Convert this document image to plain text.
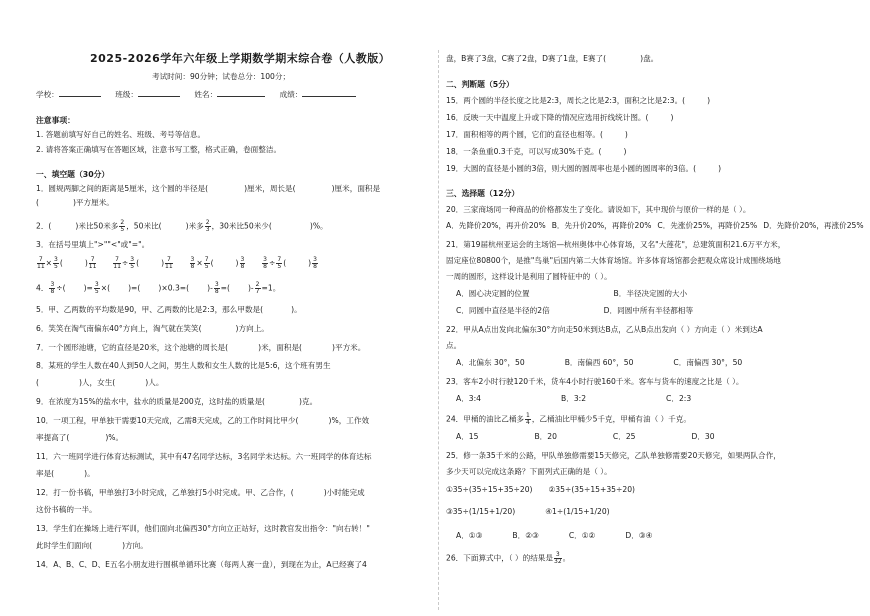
2025-2026学年六年级上学期数学期末综合卷（人教版）
考试时间：90分钟；试卷总分：100分；
学校：	班级：	姓名：	成绩：
注意事项：
1. 答题前填写好自己的姓名、班级、考号等信息。
2. 请将答案正确填写在答题区域，注意书写工整，格式正确，卷面整洁。
一、填空题（30分）
1．圆规两脚之间的距离是5厘米，这个圆的半径是(	)厘米，周长是(	)厘米，面积是
(	)平方厘米。
2．(	)米比50米多 $\frac{2}{5}$ ，50米比(	)米多 $\frac{2}{3}$ ，30米比50米少(	)%。
3．在括号里填上">""<"或"="。
$\frac{7}{11} \times \frac{3}{5}$ (	) $\frac{7}{11}$
	$\frac{7}{11} \div \frac{3}{5}$ (	) $\frac{7}{11}$
	$\frac{3}{8} \times \frac{7}{5}$ (	) $\frac{3}{8}$
	$\frac{3}{8} \div \frac{7}{5}$ (	) $\frac{3}{8}$
4． $\frac{3}{8}$ ÷( )= $\frac{3}{5}$ ×( )=( )×0.3=( )- $\frac{3}{8}$ =( )- $\frac{2}{7} =1$。
5．甲、乙两数的平均数是90，甲、乙两数的比是2:3，那么甲数是(	)。
6．笑笑在淘气南偏东40°方向上，淘气就在笑笑(	)方向上。
7．一个圆形池塘，它的直径是20米，这个池塘的周长是(	)米，面积是(	)平方米。
8．某班的学生人数在40人到50人之间，男生人数和女生人数的比是5:6，这个班有男生
(	)人，女生(	)人。
9．在浓度为15%的盐水中，盐水的质量是200克，这时盐的质量是(	)克。
10．一项工程，甲单独干需要10天完成，乙需8天完成，乙的工作时间比甲少(	)%，工作效
率提高了(	)%。
11．六一班同学进行体育达标测试，其中有47名同学达标，3名同学未达标。六一班同学的体育达标
率是(	)。
12．打一份书稿，甲单独打3小时完成，乙单独打5小时完成。甲、乙合作，(	)小时能完成
这份书稿的一半。
13．学生们在操场上进行军训，他们面向北偏西30°方向立正站好，这时教官发出指令："向右转！"
此时学生们面向(	)方向。
14．A、B、C、D、E五名小朋友进行围棋单循环比赛（每两人赛一盘），到现在为止，A已经赛了4
盘，B赛了3盘，C赛了2盘，D赛了1盘，E赛了(	)盘。
二、判断题（5分）
15．两个圆的半径长度之比是2:3，周长之比是2:3，面积之比是2:3。(	)
16．反映一天中温度上升或下降的情况应选用折线统计图。(	)
17．面积相等的两个圆，它们的直径也相等。(	)
18．一条鱼重0.3千克，可以写成30%千克。(	)
19．大圆的直径是小圆的3倍，则大圆的圆周率也是小圆的圆周率的3倍。(	)
三、选择题（12分）
20．三家商场同一种商品的价格都发生了变化。请说如下，其中现价与原价一样的是（ ）。
A．先降价20%，再升价20% B．先升价20%，再降价20% C．先涨价25%，再降价25% D．先降价20%，再涨价25%
21．第19届杭州亚运会的主场馆—杭州奥体中心体育场，又名"大莲花"，总建筑面积21.6万平方米，
固定座位80800个，是推"鸟巢"后国内第二大体育场馆。许多体育场馆都会把观众席设计成围绕场地
一周的圆形，这样设计是利用了圆特征中的（ ）。
A．圆心决定圆的位置	B．半径决定圆的大小
C．同圆中直径是半径的2倍	D．同圆中所有半径都相等
22．甲从A点出发向北偏东30°方向走50米到达B点，乙从B点出发向（ ）方向走（ ）米到达A
点。
A．北偏东 30°，50	B．南偏西 60°，50	C．南偏西 30°，50
23．客车2小时行驶120千米，货车4小时行驶160千米。客车与货车的速度之比是（ ）。
A．3:4	B．3:2	C．2:3
24．甲桶的油比乙桶多 $\frac{1}{4}$ ，乙桶油比甲桶少5千克，甲桶有油（ ）千克。
A．15	B．20	C．25	D．30
25．修一条35千米的公路，甲队单独修需要15天修完，乙队单独修需要20天修完，如果两队合作，
多少天可以完成这条路？下面列式正确的是（ ）。
①35÷(35÷15+35÷20) ②35÷(35÷15+35÷20)
③35÷(1/15+1/20)	④1÷(1/15+1/20)
A．①③	B．②③	C．①②	D．③④
26．下面算式中，（ ）的结果是 $\frac{3}{32}$ 。
